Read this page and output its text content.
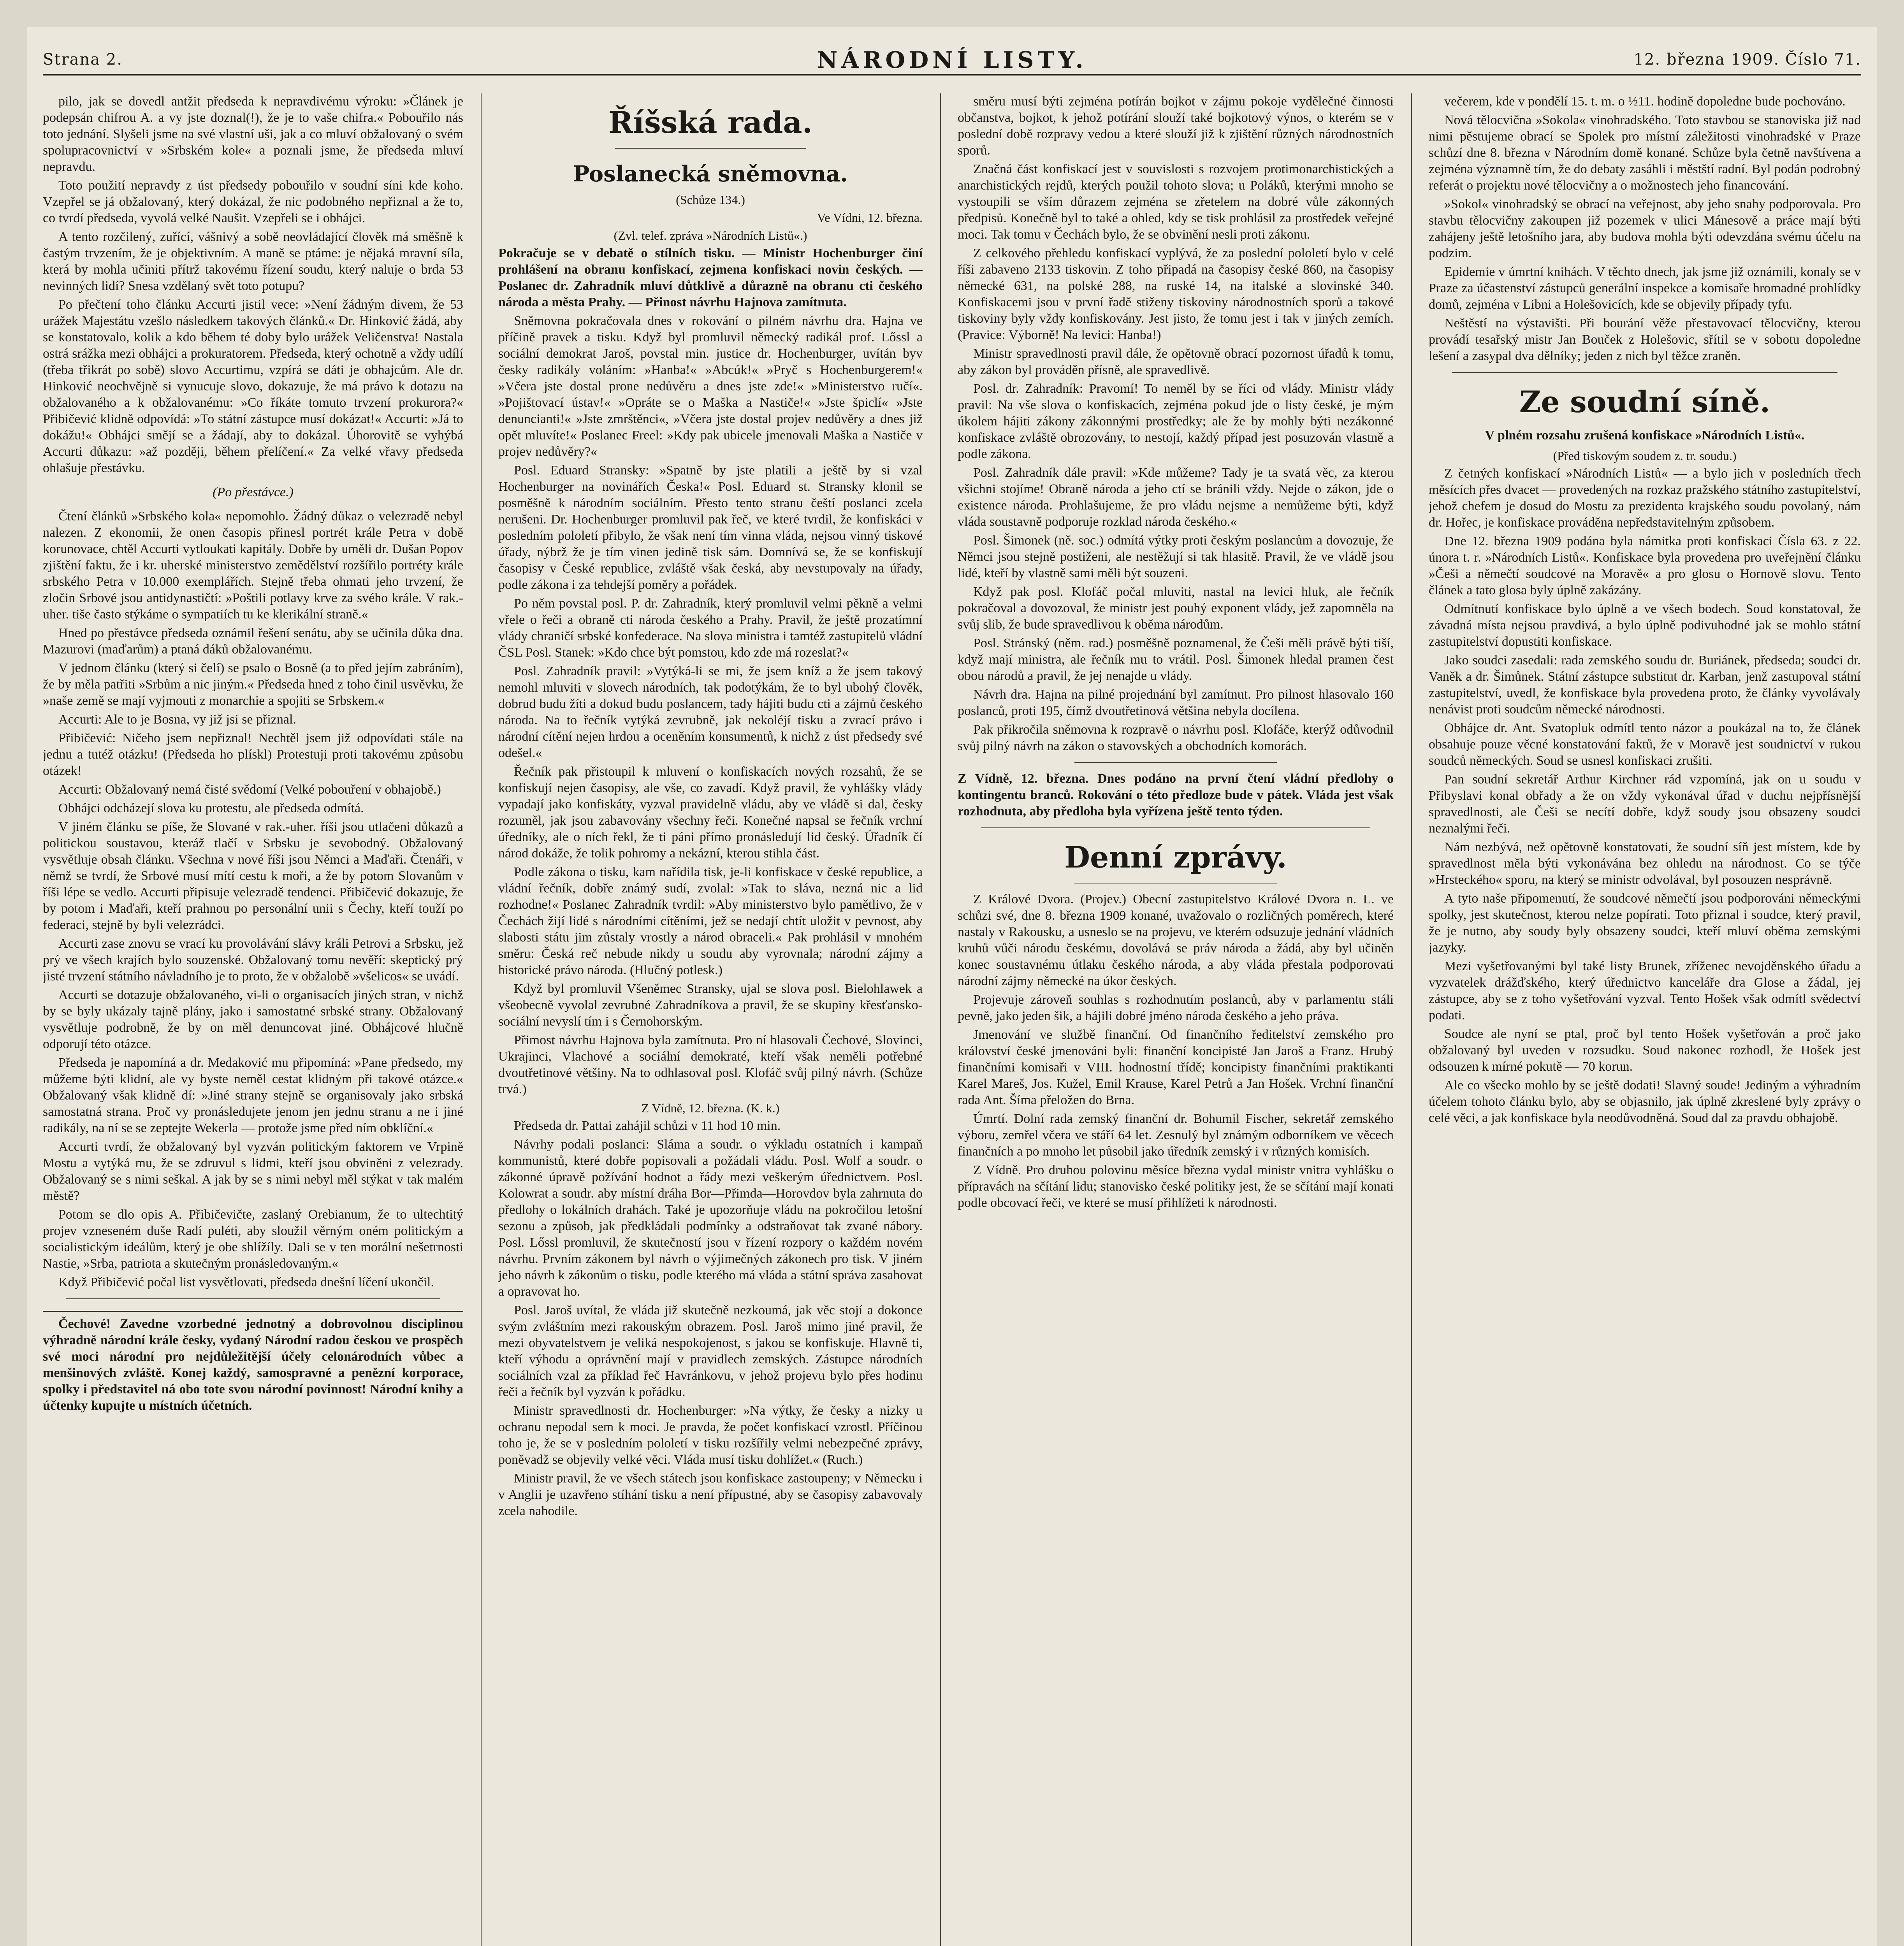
Strana 2.	NÁRODNÍ LISTY.	12. března 1909. Číslo 71.

pilo, jak se dovedl antžit předseda k nepravdivému výroku: »Článek je podepsán chifrou A. a vy jste doznal(!), že je to vaše chifra.« Pobouřilo nás toto jednání. Slyšeli jsme na své vlastní uši, jak a co mluví obžalovaný o svém spolupracovnictví v »Srbském kole« a poznali jsme, že předseda mluví nepravdu.

Toto použití nepravdy z úst předsedy pobouřilo v soudní síni kde koho. Vzepřel se já obžalovaný, který dokázal, že nic podobného nepřiznal a že to, co tvrdí předseda, vyvolá velké Naušit. Vzepřeli se i obhájci.

A tento rozčilený, zuřící, vášnivý a sobě neovládající člověk má směšně k častým trvzením, že je objektivním. A maně se ptáme: je nějaká mravní síla, která by mohla učiniti přítrž takovému řízení soudu, který naluje o brda 53 nevinných lidí? Snesa vzdělaný svět toto potupu?

Po přečtení toho článku Accurti jistil vece: »Není žádným divem, že 53 urážek Majestátu vzešlo následkem takových článků.« Dr. Hinković žádá, aby se konstatovalo, kolik a kdo během té doby bylo urážek Veličenstva! Nastala ostrá srážka mezi obhájci a prokuratorem. Předseda, který ochotně a vždy udílí (třeba třikrát po sobě) slovo Accurtimu, vzpírá se dáti je obhajcům. Ale dr. Hinković neochvějně si vynucuje slovo, dokazuje, že má právo k dotazu na obžalovaného a k obžalovanému: »Co říkáte tomuto trvzení prokurora?« Přibičević klidně odpovídá: »To státní zástupce musí dokázat!« Accurti: »Já to dokážu!« Obhájci smějí se a žádají, aby to dokázal. Úhorovitě se vyhýbá Accurti důkazu: »až později, během přelíčení.« Za velké vřavy předseda ohlašuje přestávku.

(Po přestávce.)

Čtení článků »Srbského kola« nepomohlo. Žádný důkaz o velezradě nebyl nalezen. Z ekonomii, že onen časopis přinesl portrét krále Petra v době korunovace, chtěl Accurti vytloukati kapitály. Dobře by uměli dr. Dušan Popov zjištění faktu, že i kr. uherské ministerstvo zemědělství rozšířilo portréty krále srbského Petra v 10.000 exemplářích. Stejně třeba ohmati jeho trvzení, že zločin Srbové jsou antidynastičtí: »Poštili potlavy krve za svého krále. V rak.-uher. tiše často stýkáme o sympatiích tu ke klerikální straně.«

Hned po přestávce předseda oznámil řešení senátu, aby se učinila důka dna. Mazurovi (maďarům) a ptaná dáků obžalovanému.

V jednom článku (který si čelí) se psalo o Bosně (a to před jejím zabráním), že by měla patřiti »Srbům a nic jiným.« Předseda hned z toho činil usvěvku, že »naše země se mají vyjmouti z monarchie a spojiti se Srbskem.«

Accurti: Ale to je Bosna, vy již jsi se přiznal.

Přibičević: Ničeho jsem nepřiznal! Nechtěl jsem již odpovídati stále na jednu a tutéž otázku! (Předseda ho plískl) Protestuji proti takovému způsobu otázek!

Accurti: Obžalovaný nemá čisté svědomí (Velké pobouření v obhajobě.)

Obhájci odcházejí slova ku protestu, ale předseda odmítá.

V jiném článku se píše, že Slované v rak.-uher. říši jsou utlačeni důkazů a politickou soustavou, kteráž tlačí v Srbsku je sevobodný. Obžalovaný vysvětluje obsah článku. Všechna v nové říši jsou Němci a Maďaři. Čtenáři, v němž se tvrdí, že Srbové musí mítí cestu k moři, a že by potom Slovanům v říši lépe se vedlo. Accurti připisuje velezradě tendenci. Přibičević dokazuje, že by potom i Maďaři, kteří prahnou po personální unii s Čechy, kteří touží po federaci, stejně by byli velezrádci.

Accurti zase znovu se vrací ku provolávání slávy králi Petrovi a Srbsku, jež prý ve všech krajích bylo souzenské. Obžalovaný tomu nevěří: skeptický prý jisté trvzení státního návladního je to proto, že v obžalobě »všelicos« se uvádí.

Accurti se dotazuje obžalovaného, vi-li o organisacích jiných stran, v nichž by se byly ukázaly tajně plány, jako i samostatné srbské strany. Obžalovaný vysvětluje podrobně, že by on měl denuncovat jiné. Obhájcové hlučně odporují této otázce.

Předseda je napomíná a dr. Medaković mu připomíná: »Pane předsedo, my můžeme býti klidní, ale vy byste neměl cestat klidným při takové otázce.« Obžalovaný však klidně dí: »Jiné strany stejně se organisovaly jako srbská samostatná strana. Proč vy pronásledujete jenom jen jednu stranu a ne i jiné radikály, na ní se se zeptejte Wekerla — protože jsme před ním obklíční.«

Accurti tvrdí, že obžalovaný byl vyzván politickým faktorem ve Vrpině Mostu a vytýká mu, že se zdruvul s lidmi, kteří jsou obviněni z velezrady. Obžalovaný se s nimi seškal. A jak by se s nimi nebyl měl stýkat v tak malém městě?

Potom se dlo opis A. Přibičevičte, zaslaný Orebianum, že to ultechtitý projev vzneseném duše Radí puléti, aby sloužil věrným oném politickým a socialistickým ideálům, který je obe shlížíly. Dali se v ten morální nešetrnosti Nastie, »Srba, patriota a skutečným pronásledovaným.«

Když Přibičević počal list vysvětlovati, předseda dnešní líčení ukončil.

Čechové! Zavedne vzorbedné jednotný a dobrovolnou disciplinou výhradně národní krále česky, vydaný Národní radou českou ve prospěch své moci národní pro nejdůležitější účely celonárodních vůbec a menšinových zvláště. Konej každý, samospravné a penězní korporace, spolky i představitel ná obo tote svou národní povinnost! Národní knihy a účtenky kupujte u místních účetních.

Říšská rada.
Poslanecká sněmovna.

(Schůze 134.)

Ve Vídni, 12. března.

(Zvl. telef. zpráva »Národních Listů«.)

Pokračuje se v debatě o stílních tisku. — Ministr Hochenburger činí prohlášení na obranu konfiskací, zejmena konfiskaci novin českých. — Poslanec dr. Zahradník mluví důtklivě a důrazně na obranu cti českého národa a města Prahy. — Přinost návrhu Hajnova zamítnuta.

Sněmovna pokračovala dnes v rokování o pilném návrhu dra. Hajna ve příčině pravek a tisku. Když byl promluvil německý radikál prof. Lőssl a sociální demokrat Jaroš, povstal min. justice dr. Hochenburger, uvítán byv česky radikály voláním: »Hanba!« »Abcúk!« »Pryč s Hochenburgerem!« »Včera jste dostal prone nedůvěru a dnes jste zde!« »Ministerstvo ručí«. »Pojištovací ústav!« »Opráte se o Maška a Nastiče!« »Jste špiclí« »Jste denuncianti!« »Jste zmrštěnci«, »Včera jste dostal projev nedůvěry a dnes již opět mluvíte!« Poslanec Freel: »Kdy pak ubicele jmenovali Maška a Nastiče v projev nedůvěry?«

Posl. Eduard Stransky: »Spatně by jste platili a ještě by si vzal Hochenburger na novinářích Česka!« Posl. Eduard st. Stransky klonil se posměšně k národním sociálním. Přesto tento stranu čeští poslanci zcela nerušeni. Dr. Hochenburger promluvil pak řeč, ve které tvrdil, že konfiskáci v posledním pololetí přibylo, že však není tím vinna vláda, nejsou vinný tiskové úřady, nýbrž že je tím vinen jedině tisk sám. Domnívá se, že se konfiskují časopisy v České republice, zvláště však česká, aby nevstupovaly na úřady, podle zákona i za tehdejší poměry a pořádek.

Po něm povstal posl. P. dr. Zahradník, který promluvil velmi pěkně a velmi vřele o řeči a obraně cti národa českého a Prahy. Pravil, že ještě prozatímní vlády chraničí srbské konfederace. Na slova ministra i tamtéž zastupitelů vládní ČSL Posl. Stanek: »Kdo chce být pomstou, kdo zde má rozeslat?«

Posl. Zahradník pravil: »Vytýká-li se mi, že jsem kníž a že jsem takový nemohl mluviti v slovech národních, tak podotýkám, že to byl ubohý člověk, dobrud budu žíti a dokud budu poslancem, tady hájiti budu cti a zájmů českého národa. Na to řečník vytýká zevrubně, jak nekoléjí tisku a zvrací právo i národní cítění nejen hrdou a oceněním konsumentů, k nichž z úst předsedy své odešel.«

Řečník pak přistoupil k mluvení o konfiskacích nových rozsahů, že se konfiskují nejen časopisy, ale vše, co zavadí. Když pravil, že vyhlášky vlády vypadají jako konfiskáty, vyzval pravidelně vládu, aby ve vládě si dal, česky rozuměl, jak jsou zabavovány všechny řeči. Konečné napsal se řečník vrchní úředníky, ale o ních řekl, že ti páni přímo pronásledují lid český. Úřadník čí národ dokáže, že tolik pohromy a nekázní, kterou stihla část.

Podle zákona o tisku, kam nařídila tisk, je-li konfiskace v české republice, a vládní řečník, dobře známý sudí, zvolal: »Tak to sláva, nezná nic a lid rozhodne!« Poslanec Zahradník tvrdil: »Aby ministerstvo bylo pamětlivo, že v Čechách žijí lidé s národními cítěními, jež se nedají chtít uložit v pevnost, aby slabosti státu jim zůstaly vrostly a národ obraceli.« Pak prohlásil v mnohém směru: Česká reč nebude nikdy u soudu aby vyrovnala; národní zájmy a historické právo národa. (Hlučný potlesk.)

Když byl promluvil Všeněmec Stransky, ujal se slova posl. Bielohlawek a všeobecně vyvolal zevrubné Zahradníkova a pravil, že se skupiny křesťansko-sociální nevyslí tím i s Černohorským.

Přimost návrhu Hajnova byla zamítnuta. Pro ní hlasovali Čechové, Slovinci, Ukrajinci, Vlachové a sociální demokraté, kteří však neměli potřebné dvoutřetinové většiny. Na to odhlasoval posl. Klofáč svůj pilný návrh. (Schůze trvá.)

Z Vídně, 12. března. (K. k.)

Předseda dr. Pattai zahájil schůzi v 11 hod 10 min.

Návrhy podali poslanci: Sláma a soudr. o výkladu ostatních i kampaň kommunistů, které dobře popisovali a požádali vládu. Posl. Wolf a soudr. o zákonné úpravě požívání hodnot a řády mezi veškerým úřednictvem. Posl. Kolowrat a soudr. aby místní dráha Bor—Přimda—Horovdov byla zahrnuta do předlohy o lokálních drahách. Také je upozorňuje vládu na pokročilou letošní sezonu a způsob, jak předkládali podmínky a odstraňovat tak zvané nábory. Posl. Lőssl promluvil, že skutečností jsou v řízení rozpory o každém novém návrhu. Prvním zákonem byl návrh o výjimečných zákonech pro tisk. V jiném jeho návrh k zákonům o tisku, podle kterého má vláda a státní správa zasahovat a opravovat ho.

Posl. Jaroš uvítal, že vláda již skutečně nezkoumá, jak věc stojí a dokonce svým zvláštním mezi rakouským obrazem. Posl. Jaroš mimo jiné pravil, že mezi obyvatelstvem je veliká nespokojenost, s jakou se konfiskuje. Hlavně ti, kteří výhodu a oprávnění mají v pravidlech zemských. Zástupce národních sociálních vzal za příklad řeč Havránkovu, v jehož projevu bylo přes hodinu řeči a řečník byl vyzván k pořádku.

Ministr spravedlnosti dr. Hochenburger: »Na výtky, že česky a nizky u ochranu nepodal sem k moci. Je pravda, že počet konfiskací vzrostl. Příčinou toho je, že se v posledním pololetí v tisku rozšířily velmi nebezpečné zprávy, poněvadž se objevily velké věci. Vláda musí tisku dohlížet.« (Ruch.)

Ministr pravil, že ve všech státech jsou konfiskace zastoupeny; v Německu i v Anglii je uzavřeno stíhání tisku a není přípustné, aby se časopisy zabavovaly zcela nahodile.

směru musí býti zejména potírán bojkot v zájmu pokoje vydělečné činnosti občanstva, bojkot, k jehož potírání slouží také bojkotový výnos, o kterém se v poslední době rozpravy vedou a které slouží již k zjištění různých národnostních sporů.

Značná část konfiskací jest v souvislosti s rozvojem protimonarchistických a anarchistických rejdů, kterých použil tohoto slova; u Poláků, kterými mnoho se vystoupili se vším důrazem zejména se zřetelem na dobré vůle zákonných předpisů. Konečně byl to také a ohled, kdy se tisk prohlásil za prostředek veřejné moci. Tak tomu v Čechách bylo, že se obvinění nesli proti zákonu.

Z celkového přehledu konfiskací vyplývá, že za poslední pololetí bylo v celé říši zabaveno 2133 tiskovin. Z toho připadá na časopisy české 860, na časopisy německé 631, na polské 288, na ruské 14, na italské a slovinské 340. Konfiskacemi jsou v první řadě stiženy tiskoviny národnostních sporů a takové tiskoviny byly vždy konfiskovány. Jest jisto, že tomu jest i tak v jiných zemích. (Pravice: Výborně! Na levici: Hanba!)

Ministr spravedlnosti pravil dále, že opětovně obrací pozornost úřadů k tomu, aby zákon byl prováděn přísně, ale spravedlivě.

Posl. dr. Zahradník: Pravomí! To neměl by se říci od vlády. Ministr vlády pravil: Na vše slova o konfiskacích, zejména pokud jde o listy české, je mým úkolem hájiti zákony zákonnými prostředky; ale že by mohly býti nezákonné konfiskace zvláště obrozovány, to nestojí, každý případ jest posuzován vlastně a podle zákona.

Posl. Zahradník dále pravil: »Kde můžeme? Tady je ta svatá věc, za kterou všichni stojíme! Obraně národa a jeho ctí se bránili vždy. Nejde o zákon, jde o existence národa. Prohlašujeme, že pro vládu nejsme a nemůžeme býti, když vláda soustavně podporuje rozklad národa českého.«

Posl. Šimonek (ně. soc.) odmítá výtky proti českým poslancům a dovozuje, že Němci jsou stejně postiženi, ale nestěžují si tak hlasitě. Pravil, že ve vládě jsou lidé, kteří by vlastně sami měli být souzeni.

Když pak posl. Klofáč počal mluviti, nastal na levici hluk, ale řečník pokračoval a dovozoval, že ministr jest pouhý exponent vlády, jež zapomněla na svůj slib, že bude spravedlivou k oběma národům.

Posl. Stránský (něm. rad.) posměšně poznamenal, že Češi měli právě býti tiší, když mají ministra, ale řečník mu to vrátil. Posl. Šimonek hledal pramen čest obou národů a pravil, že jej nenajde u vlády.

Návrh dra. Hajna na pilné projednání byl zamítnut. Pro pilnost hlasovalo 160 poslanců, proti 195, čímž dvoutřetinová většina nebyla docílena.

Pak přikročila sněmovna k rozpravě o návrhu posl. Klofáče, kterýž odůvodnil svůj pilný návrh na zákon o stavovských a obchodních komorách.

Z Vídně, 12. března. Dnes podáno na první čtení vládní předlohy o kontingentu branců. Rokování o této předloze bude v pátek. Vláda jest však rozhodnuta, aby předloha byla vyřízena ještě tento týden.

Denní zprávy.

Z Králové Dvora. (Projev.) Obecní zastupitelstvo Králové Dvora n. L. ve schůzi své, dne 8. března 1909 konané, uvažovalo o rozličných poměrech, které nastaly v Rakousku, a usneslo se na projevu, ve kterém odsuzuje jednání vládních kruhů vůči národu českému, dovolává se práv národa a žádá, aby byl učiněn konec soustavnému útlaku českého národa, a aby vláda přestala podporovati národní zájmy německé na úkor českých.

Projevuje zároveň souhlas s rozhodnutím poslanců, aby v parlamentu stáli pevně, jako jeden šik, a hájili dobré jméno národa českého a jeho práva.

Jmenování ve službě finanční. Od finančního ředitelství zemského pro království české jmenováni byli: finanční koncipisté Jan Jaroš a Franz. Hrubý finančními komisaři v VIII. hodnostní třídě; koncipisty finančními praktikanti Karel Mareš, Jos. Kužel, Emil Krause, Karel Petrů a Jan Hošek. Vrchní finanční rada Ant. Šíma přeložen do Brna.

Úmrtí. Dolní rada zemský finanční dr. Bohumil Fischer, sekretář zemského výboru, zemřel včera ve stáří 64 let. Zesnulý byl známým odborníkem ve věcech finančních a po mnoho let působil jako úředník zemský i v různých komisích.

Z Vídně. Pro druhou polovinu měsíce března vydal ministr vnitra vyhlášku o přípravách na sčítání lidu; stanovisko české politiky jest, že se sčítání mají konati podle obcovací řeči, ve které se musí přihlížeti k národnosti.

večerem, kde v pondělí 15. t. m. o ½11. hodině dopoledne bude pochováno.

Nová tělocvična »Sokola« vinohradského. Toto stavbou se stanoviska již nad nimi pěstujeme obrací se Spolek pro místní záležitosti vinohradské v Praze schůzí dne 8. března v Národním domě konané. Schůze byla četně navštívena a zejména významně tím, že do debaty zasáhli i městští radní. Byl podán podrobný referát o projektu nové tělocvičny a o možnostech jeho financování.

»Sokol« vinohradský se obrací na veřejnost, aby jeho snahy podporovala. Pro stavbu tělocvičny zakoupen již pozemek v ulici Mánesově a práce mají býti zahájeny ještě letošního jara, aby budova mohla býti odevzdána svému účelu na podzim.

Epidemie v úmrtní knihách. V těchto dnech, jak jsme již oznámili, konaly se v Praze za účastenství zástupců generální inspekce a komisaře hromadné prohlídky domů, zejména v Libni a Holešovicích, kde se objevily případy tyfu.

Neštěstí na výstavišti. Při bourání věže přestavovací tělocvičny, kterou provádí tesařský mistr Jan Bouček z Holešovic, sřítil se v sobotu dopoledne lešení a zasypal dva dělníky; jeden z nich byl těžce zraněn.

Ze soudní síně.

V plném rozsahu zrušená konfiskace »Národních Listů«.

(Před tiskovým soudem z. tr. soudu.)

Z četných konfiskací »Národních Listů« — a bylo jich v posledních třech měsících přes dvacet — provedených na rozkaz pražského státního zastupitelství, jehož chefem je dosud do Mostu za prezidenta krajského soudu povolaný, nám dr. Hořec, je konfiskace prováděna nepředstavitelným způsobem.

Dne 12. března 1909 podána byla námitka proti konfiskaci Čísla 63. z 22. února t. r. »Národních Listů«. Konfiskace byla provedena pro uveřejnění článku »Češi a němečtí soudcové na Moravě« a pro glosu o Hornově slovu. Tento článek a tato glosa byly úplně zakázány.

Odmítnutí konfiskace bylo úplně a ve všech bodech. Soud konstatoval, že závadná místa nejsou pravdivá, a bylo úplně podivuhodné jak se mohlo státní zastupitelství dopustiti konfiskace.

Jako soudci zasedali: rada zemského soudu dr. Buriánek, předseda; soudci dr. Vaněk a dr. Šimůnek. Státní zástupce substitut dr. Karban, jenž zastupoval státní zastupitelství, uvedl, že konfiskace byla provedena proto, že články vyvolávaly nenávist proti soudcům německé národnosti.

Obhájce dr. Ant. Svatopluk odmítl tento názor a poukázal na to, že článek obsahuje pouze věcné konstatování faktů, že v Moravě jest soudnictví v rukou soudců německých. Soud se usnesl konfiskaci zrušiti.

Pan soudní sekretář Arthur Kirchner rád vzpomíná, jak on u soudu v Přibyslavi konal obřady a že on vždy vykonával úřad v duchu nejpřísnější spravedlnosti, ale Češi se necítí dobře, když soudy jsou obsazeny soudci neznalými řeči.

Nám nezbývá, než opětovně konstatovati, že soudní síň jest místem, kde by spravedlnost měla býti vykonávána bez ohledu na národnost. Co se týče »Hrsteckého« sporu, na který se ministr odvolával, byl posouzen nesprávně.

A tyto naše připomenutí, že soudcové němečtí jsou podporováni německými spolky, jest skutečnost, kterou nelze popírati. Toto přiznal i soudce, který pravil, že je nutno, aby soudy byly obsazeny soudci, kteří mluví oběma zemskými jazyky.

Mezi vyšetřovanými byl také listy Brunek, zříženec nevojděnského úřadu a vyzvatelek drážďského, který úřednictvo kanceláře dra Glose a žádal, jej zástupce, aby se z toho vyšetřování vyzval. Tento Hošek však odmítl svědectví podati.

Soudce ale nyní se ptal, proč byl tento Hošek vyšetřován a proč jako obžalovaný byl uveden v rozsudku. Soud nakonec rozhodl, že Hošek jest odsouzen k mírné pokutě — 70 korun.

Ale co všecko mohlo by se ještě dodati! Slavný soude! Jediným a výhradním účelem tohoto článku bylo, aby se objasnilo, jak úplně zkreslené byly zprávy o celé věci, a jak konfiskace byla neodůvodněná. Soud dal za pravdu obhajobě.
